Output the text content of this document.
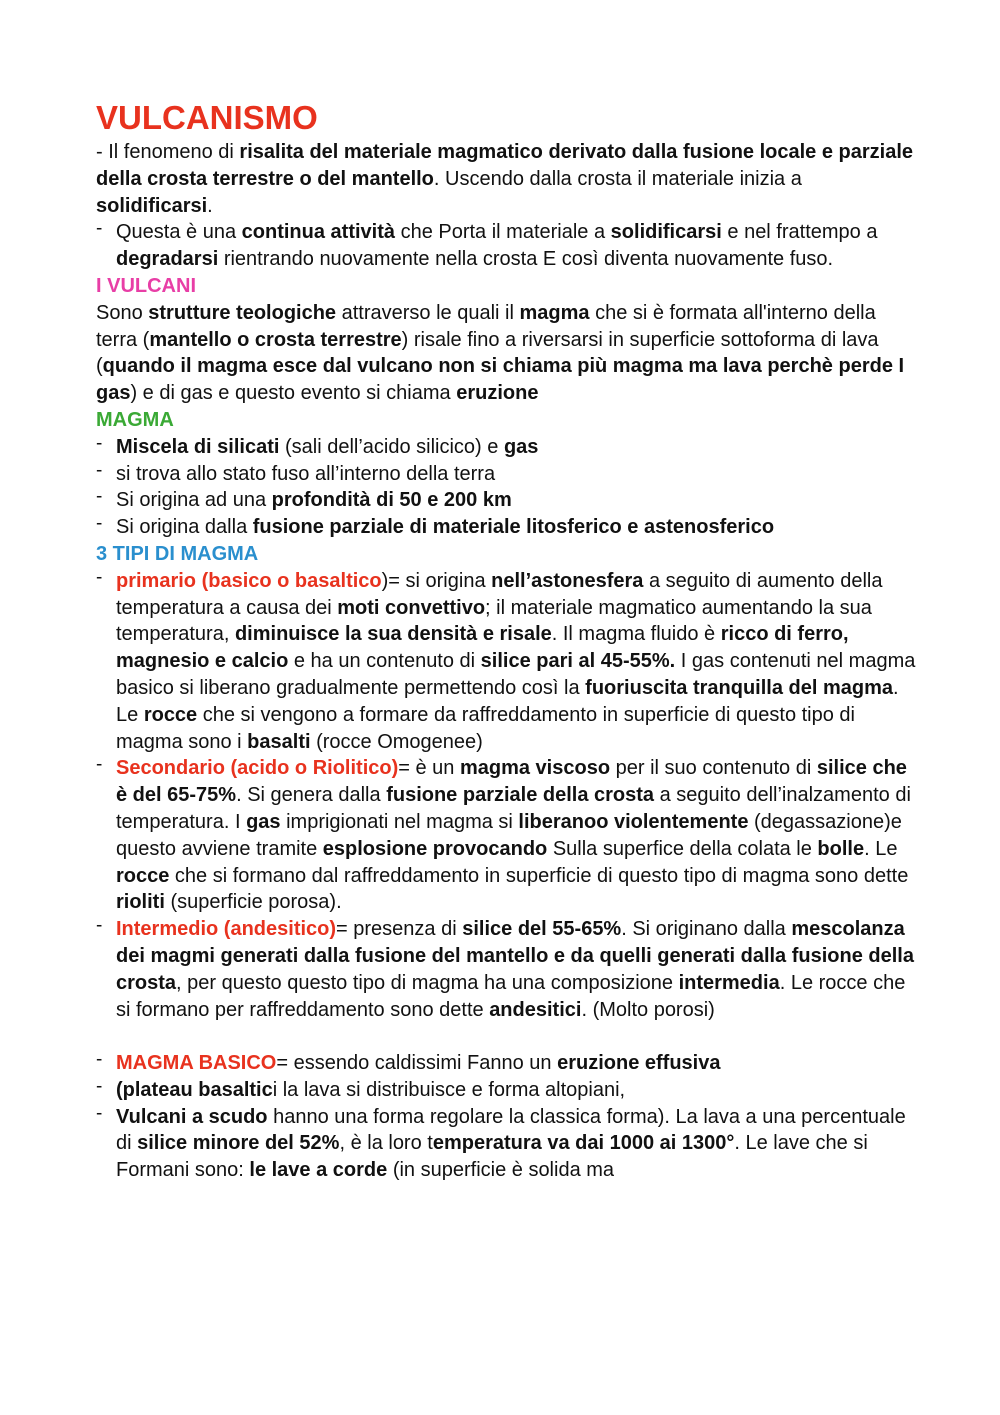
VULCANISMO
- Il fenomeno di risalita del materiale magmatico derivato dalla fusione locale e parziale della crosta terrestre o del mantello. Uscendo dalla crosta il materiale inizia a solidificarsi.
- Questa è una continua attività che Porta il materiale a solidificarsi e nel frattempo a degradarsi rientrando nuovamente nella crosta E così diventa nuovamente fuso.
I VULCANI
Sono strutture teologiche attraverso le quali il magma che si è formata all'interno della terra (mantello o crosta terrestre) risale fino a riversarsi in superficie sottoforma di lava (quando il magma esce dal vulcano non si chiama più magma ma lava perchè perde I gas) e di gas e questo evento si chiama eruzione
MAGMA
- Miscela di silicati (sali dell’acido silicico) e gas
- si trova allo stato fuso all’interno della terra
- Si origina ad una profondità di 50 e 200 km
- Si origina dalla fusione parziale di materiale litosferico e astenosferico
3 TIPI DI MAGMA
- primario (basico o basaltico)= si origina nell’astonesfera a seguito di aumento della temperatura a causa dei moti convettivo; il materiale magmatico aumentando la sua temperatura, diminuisce la sua densità e risale. Il magma fluido è ricco di ferro, magnesio e calcio e ha un contenuto di silice pari al 45-55%. I gas contenuti nel magma basico si liberano gradualmente permettendo così la fuoriuscita tranquilla del magma. Le rocce che si vengono a formare da raffreddamento in superficie di questo tipo di magma sono i basalti (rocce Omogenee)
- Secondario (acido o Riolitico)= è un magma viscoso per il suo contenuto di silice che è del 65-75%. Si genera dalla fusione parziale della crosta a seguito dell’inalzamento di temperatura. I gas imprigionati nel magma si liberanoo violentemente (degassazione)e questo avviene tramite esplosione provocando Sulla superfice della colata le bolle. Le rocce che si formano dal raffreddamento in superficie di questo tipo di magma sono dette rioliti (superficie porosa).
- Intermedio (andesitico)= presenza di silice del 55-65%. Si originano dalla mescolanza dei magmi generati dalla fusione del mantello e da quelli generati dalla fusione della crosta, per questo questo tipo di magma ha una composizione intermedia. Le rocce che si formano per raffreddamento sono dette andesitici. (Molto porosi)
- MAGMA BASICO= essendo caldissimi Fanno un eruzione effusiva
- (plateau basaltici la lava si distribuisce e forma altopiani,
- Vulcani a scudo hanno una forma regolare la classica forma). La lava a una percentuale di silice minore del 52%, è la loro temperatura va dai 1000 ai 1300°. Le lave che si Formani sono: le lave a corde (in superficie è solida ma
